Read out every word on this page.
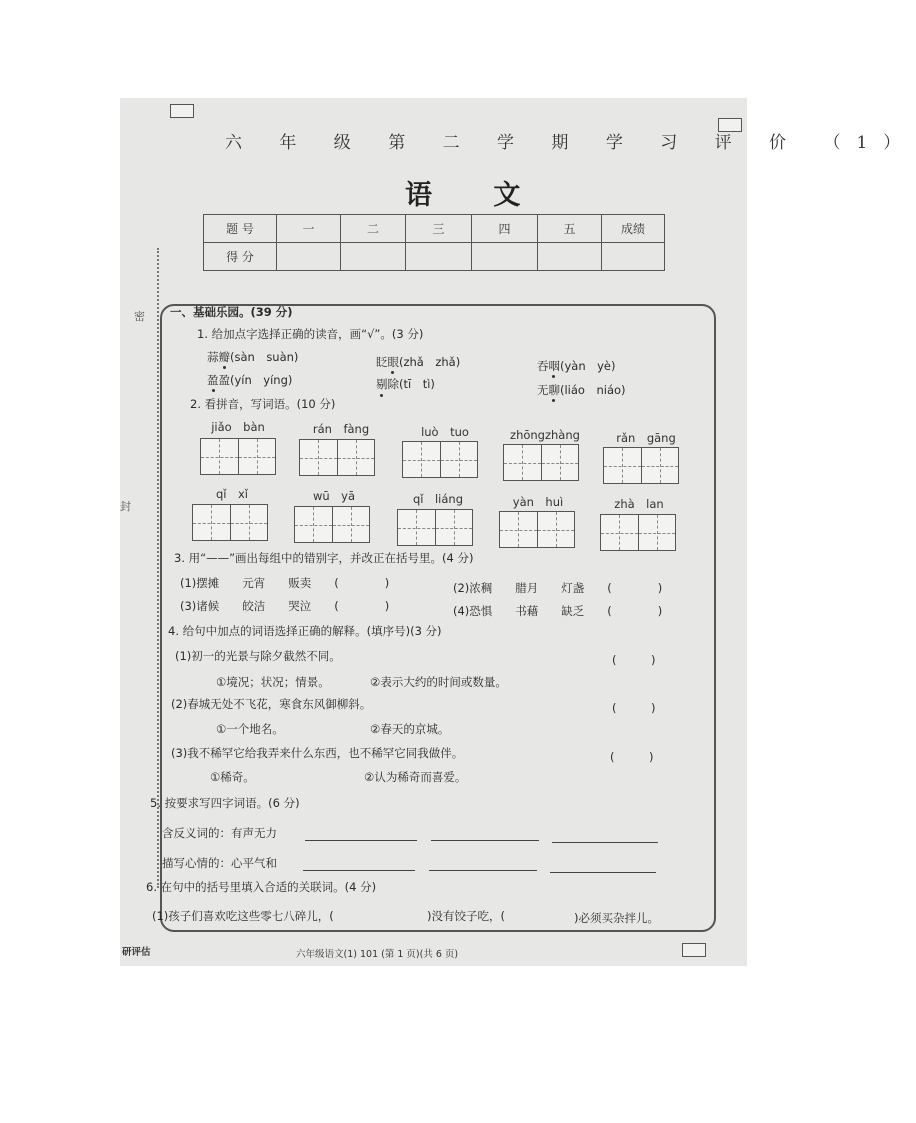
密
封
六 年 级 第 二 学 期 学 习 评 价 （1）
语 文
题 号	一	二	三	四	五	成绩
得 分						
一、基础乐园。(39 分)
1. 给加点字选择正确的读音，画“√”。(3 分)
蒜瓣(sàn　suàn)	眨眼(zhǎ　zhǎ)	吞咽(yàn　yè)
盈盈(yín　yíng)	剔除(tī　tì)	无聊(liáo　niáo)
2. 看拼音，写词语。(10 分)
jiǎo　bàn	rán　fàng	luò　tuo	zhōngzhàng	rǎn　gāng
qǐ　xǐ	wū　yā	qǐ　liáng	yàn　huì	zhà　lan
3. 用“——”画出每组中的错别字，并改正在括号里。(4 分)
(1)摆摊　　元宵　　贩卖　　(　　　　)	(2)浓稠　　腊月　　灯盏　　(　　　　)
(3)诸候　　皎洁　　哭泣　　(　　　　)	(4)恐惧　　书藉　　缺乏　　(　　　　)
4. 给句中加点的词语选择正确的解释。(填序号)(3 分)
(1)初一的光景与除夕截然不同。	(　　　)
①境况；状况；情景。　　　　②表示大约的时间或数量。
(2)春城无处不飞花，寒食东风御柳斜。	(　　　)
①一个地名。　　　　　　　　②春天的京城。
(3)我不稀罕它给我弄来什么东西，也不稀罕它同我做伴。	(　　　)
①稀奇。　　　　　　　　　　②认为稀奇而喜爱。
5. 按要求写四字词语。(6 分)
含反义词的：有声无力
描写心情的：心平气和
6. 在句中的括号里填入合适的关联词。(4 分)
(1)孩子们喜欢吃这些零七八碎儿，(	)没有饺子吃，(	)必须买杂拌儿。
研评估	六年级语文(1) 101 (第 1 页)(共 6 页)
